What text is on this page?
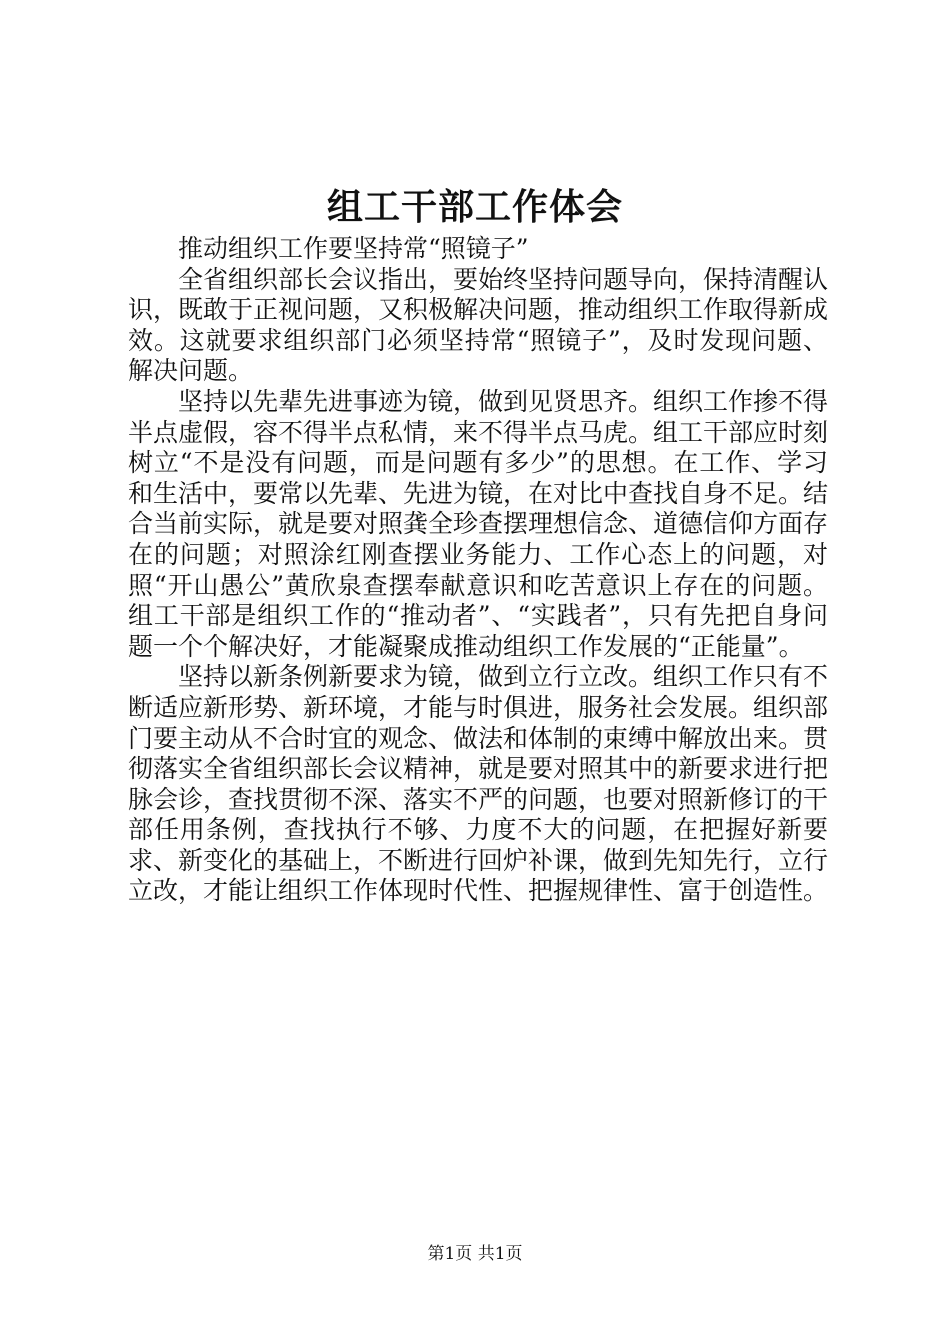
组工干部工作体会

推动组织工作要坚持常“照镜子”

全省组织部长会议指出，要始终坚持问题导向，保持清醒认识，既敢于正视问题，又积极解决问题，推动组织工作取得新成效。这就要求组织部门必须坚持常“照镜子”，及时发现问题、解决问题。

坚持以先辈先进事迹为镜，做到见贤思齐。组织工作掺不得半点虚假，容不得半点私情，来不得半点马虎。组工干部应时刻树立“不是没有问题，而是问题有多少”的思想。在工作、学习和生活中，要常以先辈、先进为镜，在对比中查找自身不足。结合当前实际，就是要对照龚全珍查摆理想信念、道德信仰方面存在的问题；对照涂红刚查摆业务能力、工作心态上的问题，对照“开山愚公”黄欣泉查摆奉献意识和吃苦意识上存在的问题。组工干部是组织工作的“推动者”、“实践者”，只有先把自身问题一个个解决好，才能凝聚成推动组织工作发展的“正能量”。

坚持以新条例新要求为镜，做到立行立改。组织工作只有不断适应新形势、新环境，才能与时俱进，服务社会发展。组织部门要主动从不合时宜的观念、做法和体制的束缚中解放出来。贯彻落实全省组织部长会议精神，就是要对照其中的新要求进行把脉会诊，查找贯彻不深、落实不严的问题，也要对照新修订的干部任用条例，查找执行不够、力度不大的问题，在把握好新要求、新变化的基础上，不断进行回炉补课，做到先知先行，立行立改，才能让组织工作体现时代性、把握规律性、富于创造性。

第1页 共1页
